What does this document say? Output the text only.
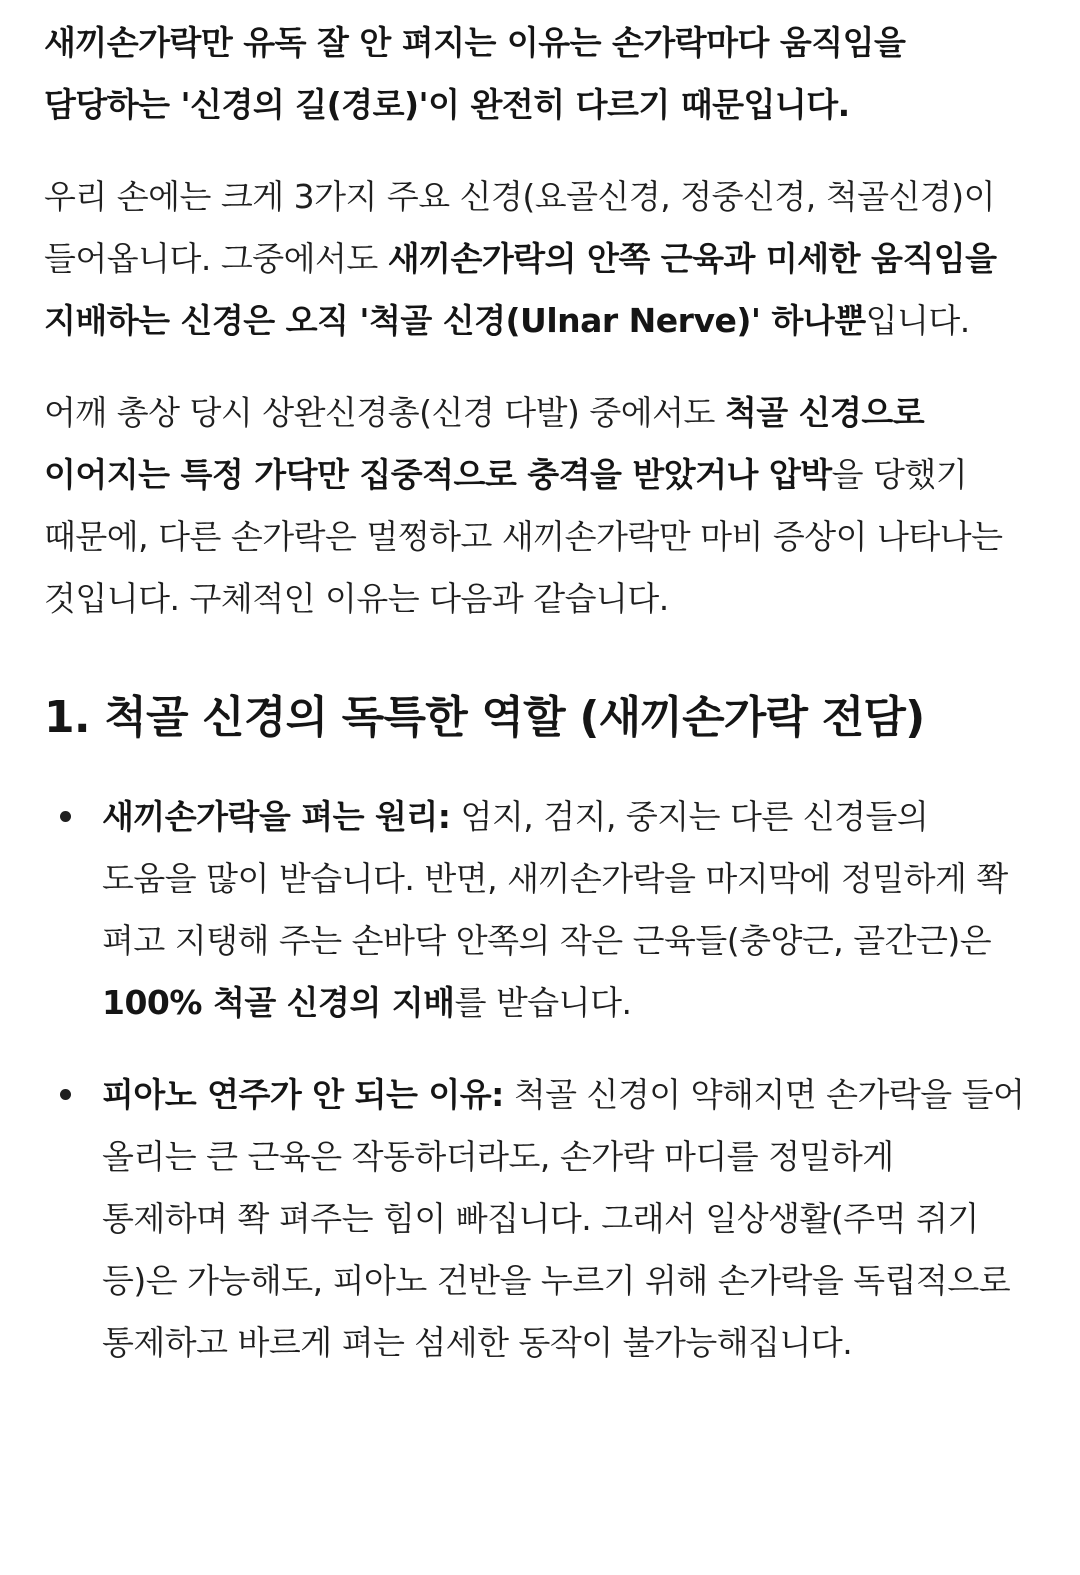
새끼손가락만 유독 잘 안 펴지는 이유는 손가락마다 움직임을 담당하는 '신경의 길(경로)'이 완전히 다르기 때문입니다.

우리 손에는 크게 3가지 주요 신경(요골신경, 정중신경, 척골신경)이 들어옵니다. 그중에서도 새끼손가락의 안쪽 근육과 미세한 움직임을 지배하는 신경은 오직 '척골 신경(Ulnar Nerve)' 하나뿐입니다.

어깨 총상 당시 상완신경총(신경 다발) 중에서도 척골 신경으로 이어지는 특정 가닥만 집중적으로 충격을 받았거나 압박을 당했기 때문에, 다른 손가락은 멀쩡하고 새끼손가락만 마비 증상이 나타나는 것입니다. 구체적인 이유는 다음과 같습니다.

1. 척골 신경의 독특한 역할 (새끼손가락 전담)
새끼손가락을 펴는 원리: 엄지, 검지, 중지는 다른 신경들의 도움을 많이 받습니다. 반면, 새끼손가락을 마지막에 정밀하게 쫙 펴고 지탱해 주는 손바닥 안쪽의 작은 근육들(충양근, 골간근)은 100% 척골 신경의 지배를 받습니다.
피아노 연주가 안 되는 이유: 척골 신경이 약해지면 손가락을 들어 올리는 큰 근육은 작동하더라도, 손가락 마디를 정밀하게 통제하며 쫙 펴주는 힘이 빠집니다. 그래서 일상생활(주먹 쥐기 등)은 가능해도, 피아노 건반을 누르기 위해 손가락을 독립적으로 통제하고 바르게 펴는 섬세한 동작이 불가능해집니다.
